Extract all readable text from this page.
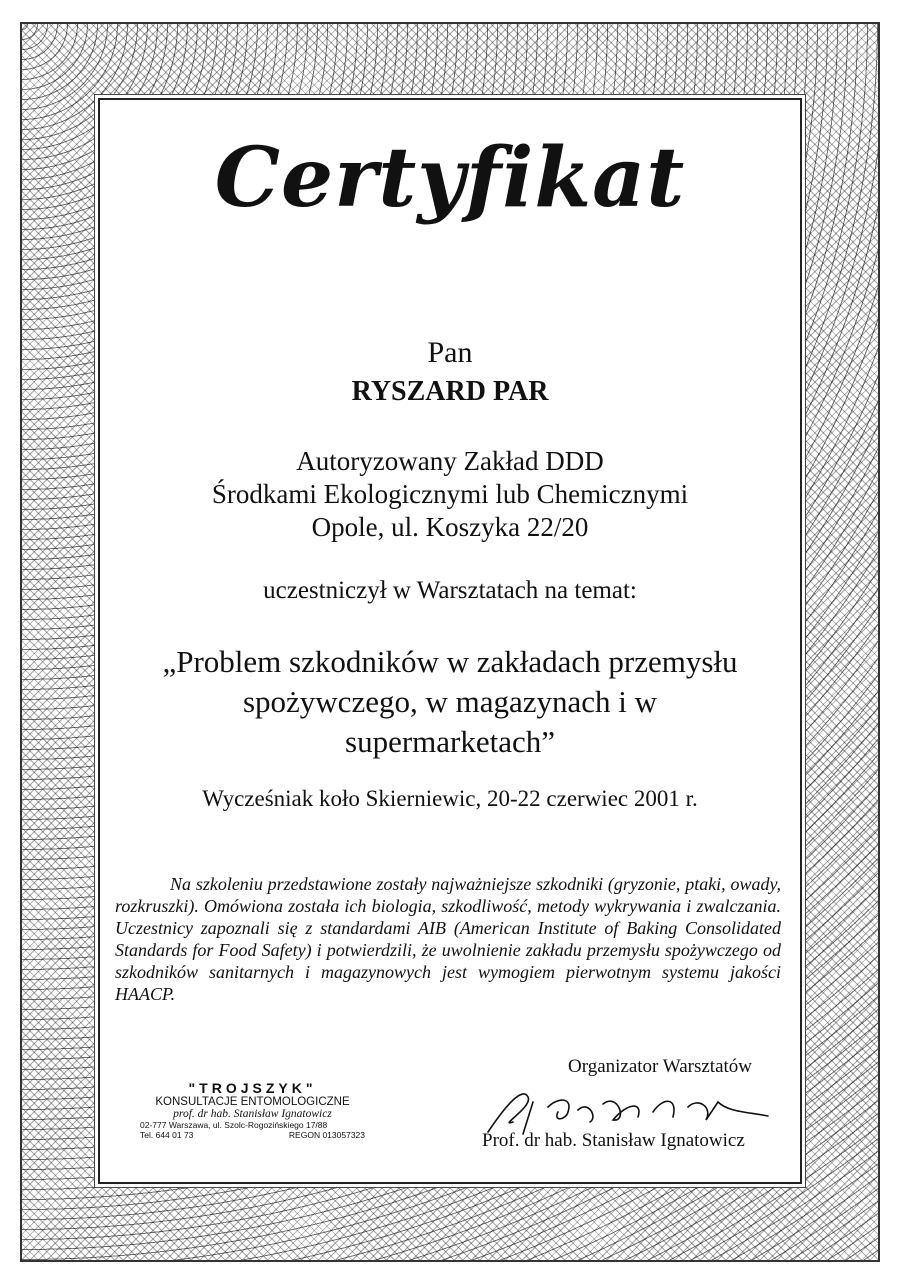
Certyfikat
Pan
RYSZARD PAR
Autoryzowany Zakład DDD
Środkami Ekologicznymi lub Chemicznymi
Opole, ul. Koszyka 22/20
uczestniczył w Warsztatach na temat:
„Problem szkodników w zakładach przemysłu
spożywczego, w magazynach i w
supermarketach”
Wycześniak koło Skierniewic, 20-22 czerwiec 2001 r.
Na szkoleniu przedstawione zostały najważniejsze szkodniki (gryzonie, ptaki, owady, rozkruszki). Omówiona została ich biologia, szkodliwość, metody wykrywania i zwalczania. Uczestnicy zapoznali się z standardami AIB (American Institute of Baking Consolidated Standards for Food Safety) i potwierdzili, że uwolnienie zakładu przemysłu spożywczego od szkodników sanitarnych i magazynowych jest wymogiem pierwotnym systemu jakości HAACP.
Organizator Warsztatów
Prof. dr hab. Stanisław Ignatowicz
"TROJSZYK"
KONSULTACJE ENTOMOLOGICZNE
prof. dr hab. Stanisław Ignatowicz
02-777 Warszawa, ul. Szolc-Rogozińskiego 17/88
Tel. 644 01 73	REGON 013057323
